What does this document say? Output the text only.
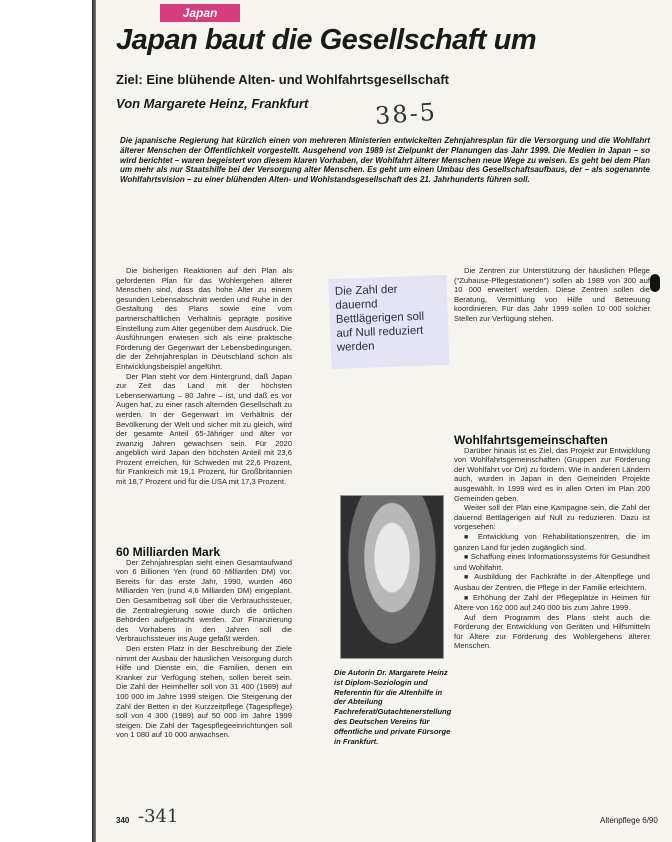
Japan
Japan baut die Gesellschaft um
Ziel: Eine blühende Alten- und Wohlfahrtsgesellschaft
Von Margarete Heinz, Frankfurt	38-5
Die japanische Regierung hat kürzlich einen von mehreren Ministerien entwickelten Zehnjahresplan für die Versorgung und die Wohlfahrt älterer Menschen der Öffentlichkeit vorgestellt. Ausgehend von 1989 ist Zielpunkt der Planungen das Jahr 1999. Die Medien in Japan – so wird berichtet – waren begeistert von diesem klaren Vorhaben, der Wohlfahrt älterer Menschen neue Wege zu weisen. Es geht bei dem Plan um mehr als nur Staatshilfe bei der Versorgung alter Menschen. Es geht um einen Umbau des Gesellschaftsaufbaus, der – als sogenannte Wohlfahrtsvision – zu einer blühenden Alten- und Wohlstandsgesellschaft des 21. Jahrhunderts führen soll.

Die bisherigen Reaktionen auf den Plan als geforderten Plan für das Wohlergehen älterer Menschen sind, dass das hohe Alter zu einem gesunden Lebensabschnitt werden und Ruhe in der Gestaltung des Plans sowie eine vom partnerschaftlichen Verhältnis geprägte positive Einstellung zum Alter gegenüber dem Ausdruck. Die Ausführungen erwiesen sich als eine praktische Förderung der Gegenwart der Lebensbedingungen, die der Zehnjahresplan in Deutschland schon als Entwicklungsbeispiel angeführt.

Der Plan steht vor dem Hintergrund, daß Japan zur Zeit das Land mit der höchsten Lebenserwartung – 80 Jahre – ist, und daß es vor Augen hat, zu einer rasch alternden Gesellschaft zu werden. In der Gegenwart im Verhältnis der Bevölkerung der Welt und sicher mit zu gleich, wird der gesamte Anteil 65-Jähriger und älter vor zwanzig Jahren gewachsen sein. Für 2020 angeblich wird Japan den höchsten Anteil mit 23,6 Prozent erreichen, für Schweden mit 22,6 Prozent, für Frankreich mit 19,1 Prozent, für Großbritannien mit 18,7 Prozent und für die USA mit 17,3 Prozent.

Die Zahl der dauernd Bettlägerigen soll auf Null reduziert werden

60 Milliarden Mark

Der Zehnjahresplan sieht einen Gesamtaufwand von 6 Billionen Yen (rund 60 Milliarden DM) vor. Bereits für das erste Jahr, 1990, wurden 460 Milliarden Yen (rund 4,6 Milliarden DM) eingeplant. Den Gesamtbetrag soll über die Verbrauchssteuer, die Zentralregierung sowie durch die örtlichen Behörden aufgebracht werden. Zur Finanzierung des Vorhabens in den Jahren soll die Verbrauchssteuer ins Auge gefaßt werden.

Den ersten Platz in der Beschreibung der Ziele nimmt der Ausbau der häuslichen Versorgung durch Hilfe und Dienste ein, die Familien, denen ein Kranker zur Verfügung stehen, sollen bereit sein. Die Zahl der Heimhelfer soll von 31 400 (1989) auf 100 000 im Jahre 1999 steigen. Die Steigerung der Zahl der Betten in der Kurzzeitpflege (Tagespflege) soll von 4 300 (1989) auf 50 000 im Jahre 1999 steigen. Die Zahl der Tagespflegeeinrichtungen soll von 1 080 auf 10 000 anwachsen.

Die Autorin Dr. Margarete Heinz ist Diplom-Soziologin und Referentin für die Altenhilfe in der Abteilung Fachreferat/Gutachtenerstellung des Deutschen Vereins für öffentliche und private Fürsorge in Frankfurt.

Die Zentren zur Unterstützung der häuslichen Pflege ("Zuhause-Pflegestationen") sollen ab 1989 von 300 auf 10 000 erweitert werden. Diese Zentren sollen die Beratung, Vermittlung von Hilfe und Betreuung koordinieren. Für das Jahr 1999 sollen 10 000 solcher Stellen zur Verfügung stehen.

Wohlfahrtsgemeinschaften

Darüber hinaus ist es Ziel, das Projekt zur Entwicklung von Wohlfahrtsgemeinschaften (Gruppen zur Förderung der Wohlfahrt vor Ort) zu fördern. Wie in anderen Ländern auch, wurden in Japan in den Gemeinden Projekte ausgewählt. In 1999 wird es in allen Orten im Plan 200 Gemeinden geben.

Weiter soll der Plan eine Kampagne sein, die Zahl der dauernd Bettlägerigen auf Null zu reduzieren. Dazu ist vorgesehen:

■ Entwicklung von Rehabilitationszentren, die im ganzen Land für jeden zugänglich sind.

■ Schaffung eines Informationssystems für Gesundheit und Wohlfahrt.

■ Ausbildung der Fachkräfte in der Altenpflege und Ausbau der Zentren, die Pflege in der Familie erleichtern.

■ Erhöhung der Zahl der Pflegeplätze in Heimen für Ältere von 162 000 auf 240 000 bis zum Jahre 1999.

Auf dem Programm des Plans steht auch die Förderung der Entwicklung von Geräten und Hilfsmitteln für Ältere zur Förderung des Wohlergehens älterer Menschen.

340 -341	Altenpflege 6/90
